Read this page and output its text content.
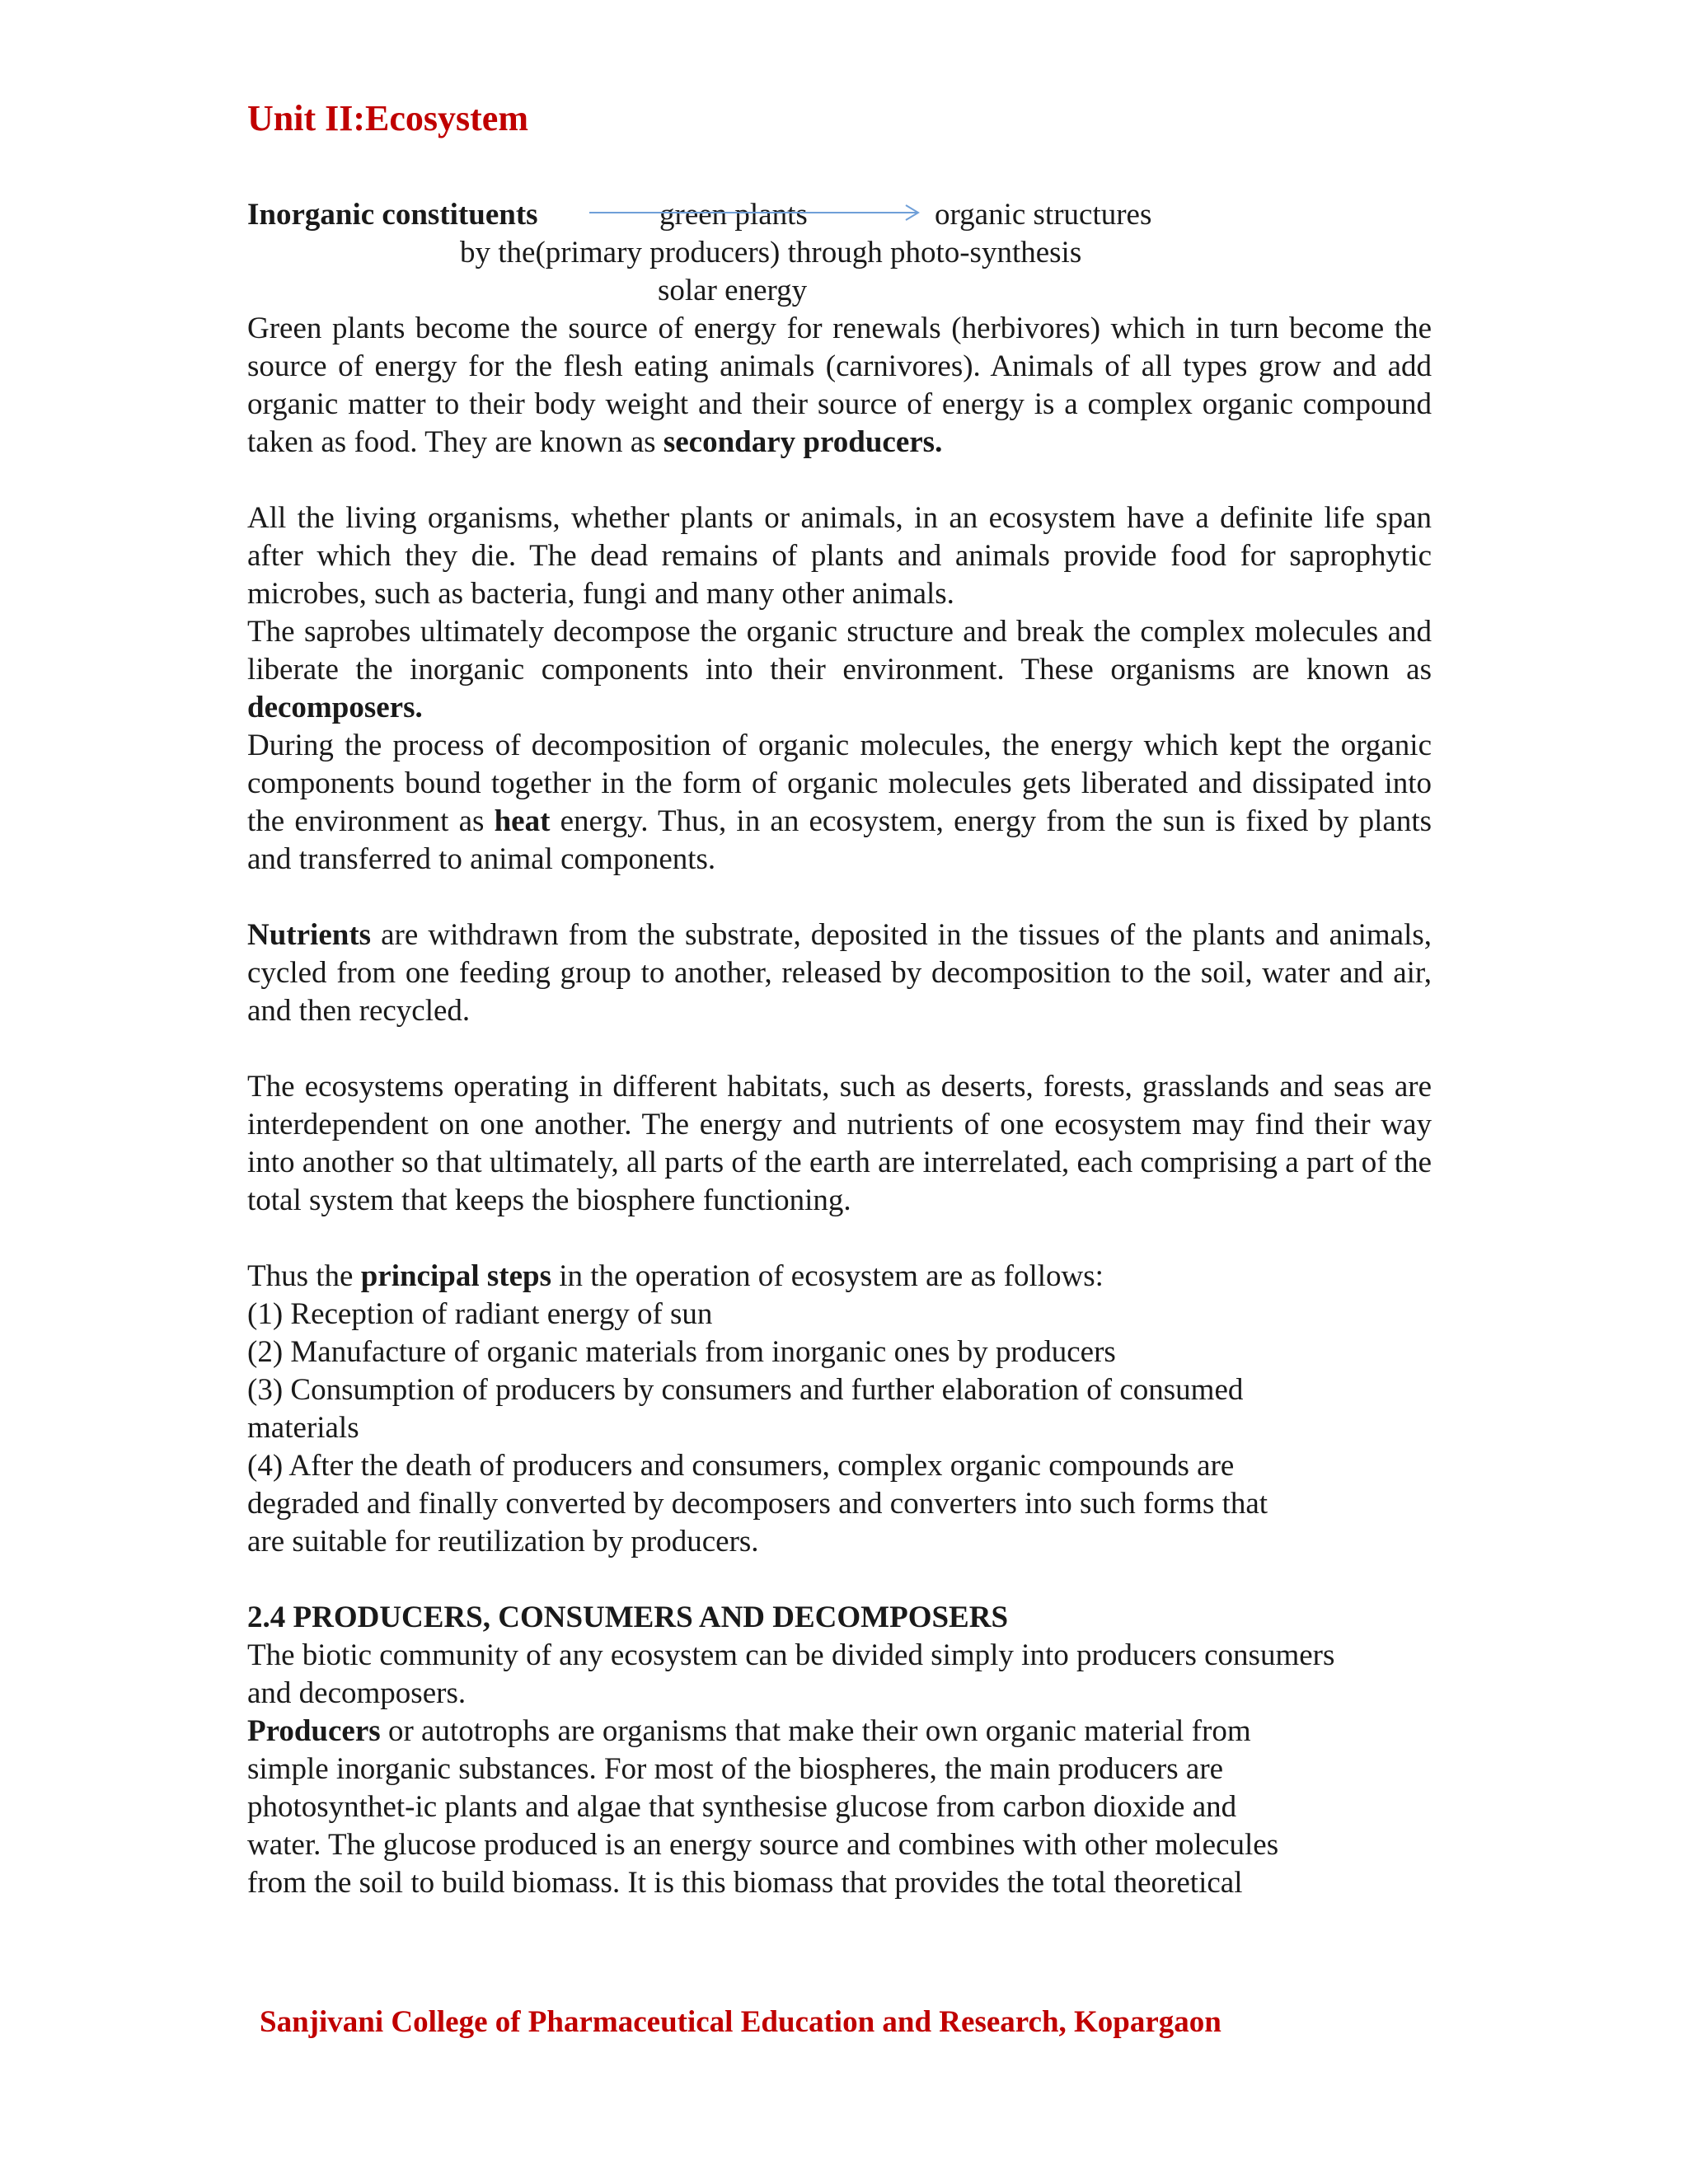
Unit II:Ecosystem
Inorganic constituents	green plants	organic structures
by the(primary producers) through photo-synthesis
solar energy

Green plants become the source of energy for renewals (herbivores) which in turn become the source of energy for the flesh eating animals (carnivores). Animals of all types grow and add organic matter to their body weight and their source of energy is a complex organic compound taken as food. They are known as secondary producers.

All the living organisms, whether plants or animals, in an ecosystem have a definite life span after which they die. The dead remains of plants and animals provide food for saprophytic microbes, such as bacteria, fungi and many other animals.

The saprobes ultimately decompose the organic structure and break the complex molecules and liberate the inorganic components into their environment. These organisms are known as decomposers.

During the process of decomposition of organic molecules, the energy which kept the organic components bound together in the form of organic molecules gets liberated and dissipated into the environment as heat energy. Thus, in an ecosystem, energy from the sun is fixed by plants and transferred to animal components.

Nutrients are withdrawn from the substrate, deposited in the tissues of the plants and animals, cycled from one feeding group to another, released by decomposition to the soil, water and air, and then recycled.

The ecosystems operating in different habitats, such as deserts, forests, grasslands and seas are interdependent on one another. The energy and nutrients of one ecosystem may find their way into another so that ultimately, all parts of the earth are interrelated, each comprising a part of the total system that keeps the biosphere functioning.

Thus the principal steps in the operation of ecosystem are as follows:
(1) Reception of radiant energy of sun
(2) Manufacture of organic materials from inorganic ones by producers
(3) Consumption of producers by consumers and further elaboration of consumed
materials
(4) After the death of producers and consumers, complex organic compounds are
degraded and finally converted by decomposers and converters into such forms that
are suitable for reutilization by producers.
2.4 PRODUCERS, CONSUMERS AND DECOMPOSERS
The biotic community of any ecosystem can be divided simply into producers consumers
and decomposers.
Producers or autotrophs are organisms that make their own organic material from
simple inorganic substances. For most of the biospheres, the main producers are
photosynthet-ic plants and algae that synthesise glucose from carbon dioxide and
water. The glucose produced is an energy source and combines with other molecules
from the soil to build biomass. It is this biomass that provides the total theoretical
Sanjivani College of Pharmaceutical Education and Research, Kopargaon
